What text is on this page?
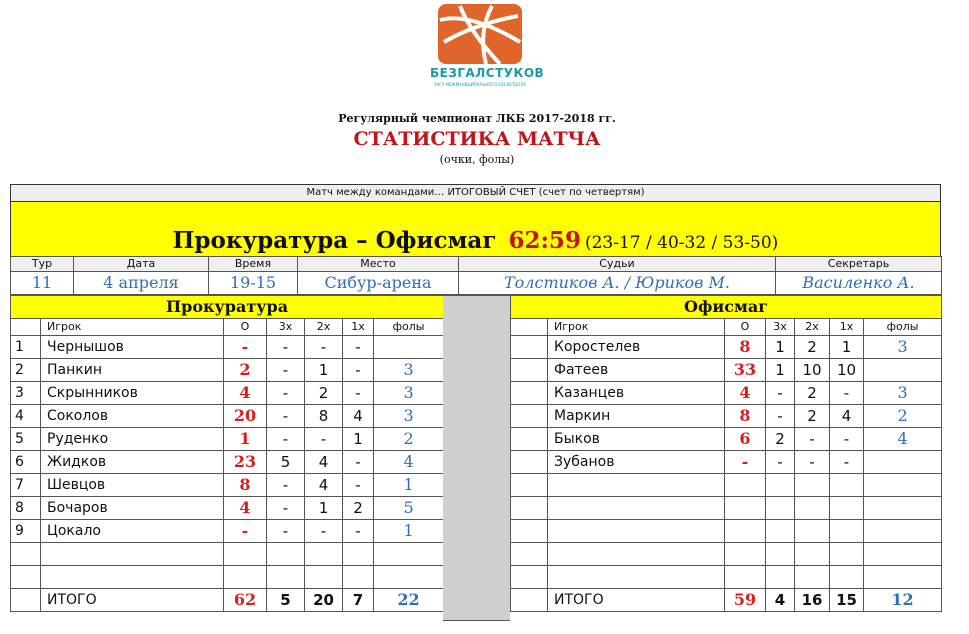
БЕЗГАЛСТУКОВ
ЗАГУ МЕЖМУНИЦИПАЛЬНОГО БАСКЕТБОЛА
Регулярный чемпионат ЛКБ 2017-2018 гг.
СТАТИСТИКА МАТЧА
(очки, фолы)
Матч между командами… ИТОГОВЫЙ СЧЕТ (счет по четвертям)
Прокуратура – Офисмаг 62:59 (23-17 / 40-32 / 53-50)
Тур	Дата	Время	Место	Судьи	Секретарь
11	4 апреля	19-15	Сибур-арена	Толстиков А. / Юриков М.	Василенко А.
Прокуратура						
	Игрок	О	3х	2х	1х	фолы
1	Чернышов	-	-	-	-	
2	Панкин	2	-	1	-	3
3	Скрынников	4	-	2	-	3
4	Соколов	20	-	8	4	3
5	Руденко	1	-	-	1	2
6	Жидков	23	5	4	-	4
7	Шевцов	8	-	4	-	1
8	Бочаров	4	-	1	2	5
9	Цокало	-	-	-	-	1

	ИТОГО	62	5	20	7	22
Офисмаг						
	Игрок	О	3х	2х	1х	фолы
	Коростелев	8	1	2	1	3
	Фатеев	33	1	10	10	
	Казанцев	4	-	2	-	3
	Маркин	8	-	2	4	2
	Быков	6	2	-	-	4
	Зубанов	-	-	-	-	

	ИТОГО	59	4	16	15	12
